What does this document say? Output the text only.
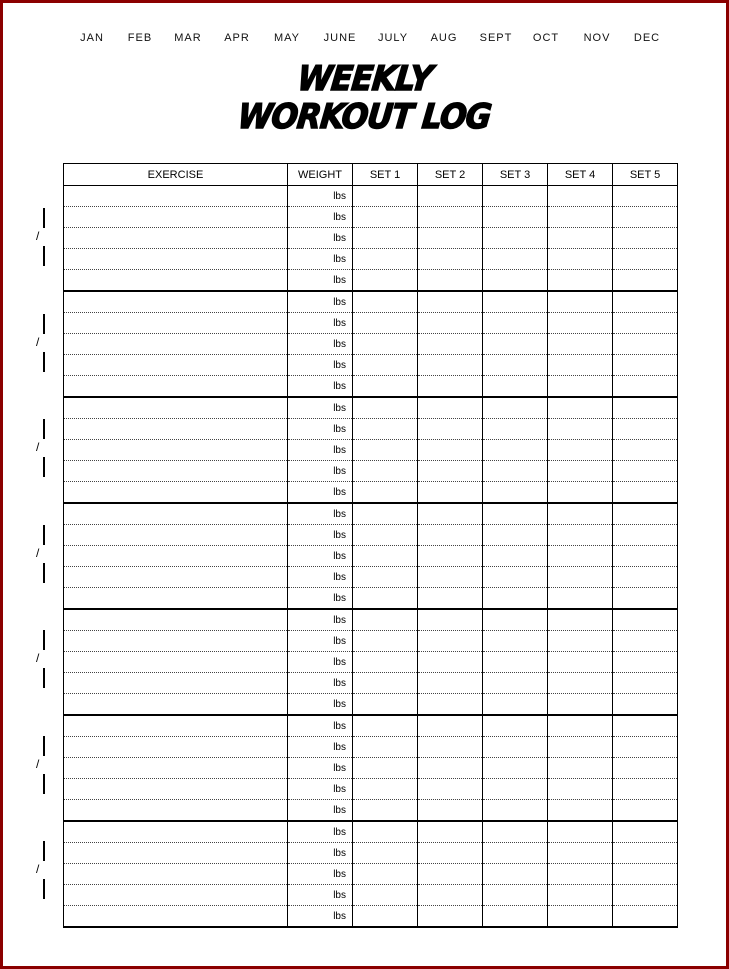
JAN FEB MAR APR MAY JUNE JULY AUG SEPT OCT NOV DEC
WEEKLY
WORKOUT LOG
EXERCISE	WEIGHT	SET 1	SET 2	SET 3	SET 4	SET 5
	lbs					
	lbs					
	lbs					
	lbs					
	lbs					
	lbs					
	lbs					
	lbs					
	lbs					
	lbs					
	lbs					
	lbs					
	lbs					
	lbs					
	lbs					
	lbs					
	lbs					
	lbs					
	lbs					
	lbs					
	lbs					
	lbs					
	lbs					
	lbs					
	lbs					
	lbs					
	lbs					
	lbs					
	lbs					
	lbs					
	lbs					
	lbs					
	lbs					
	lbs					
	lbs					
/
/
/
/
/
/
/
